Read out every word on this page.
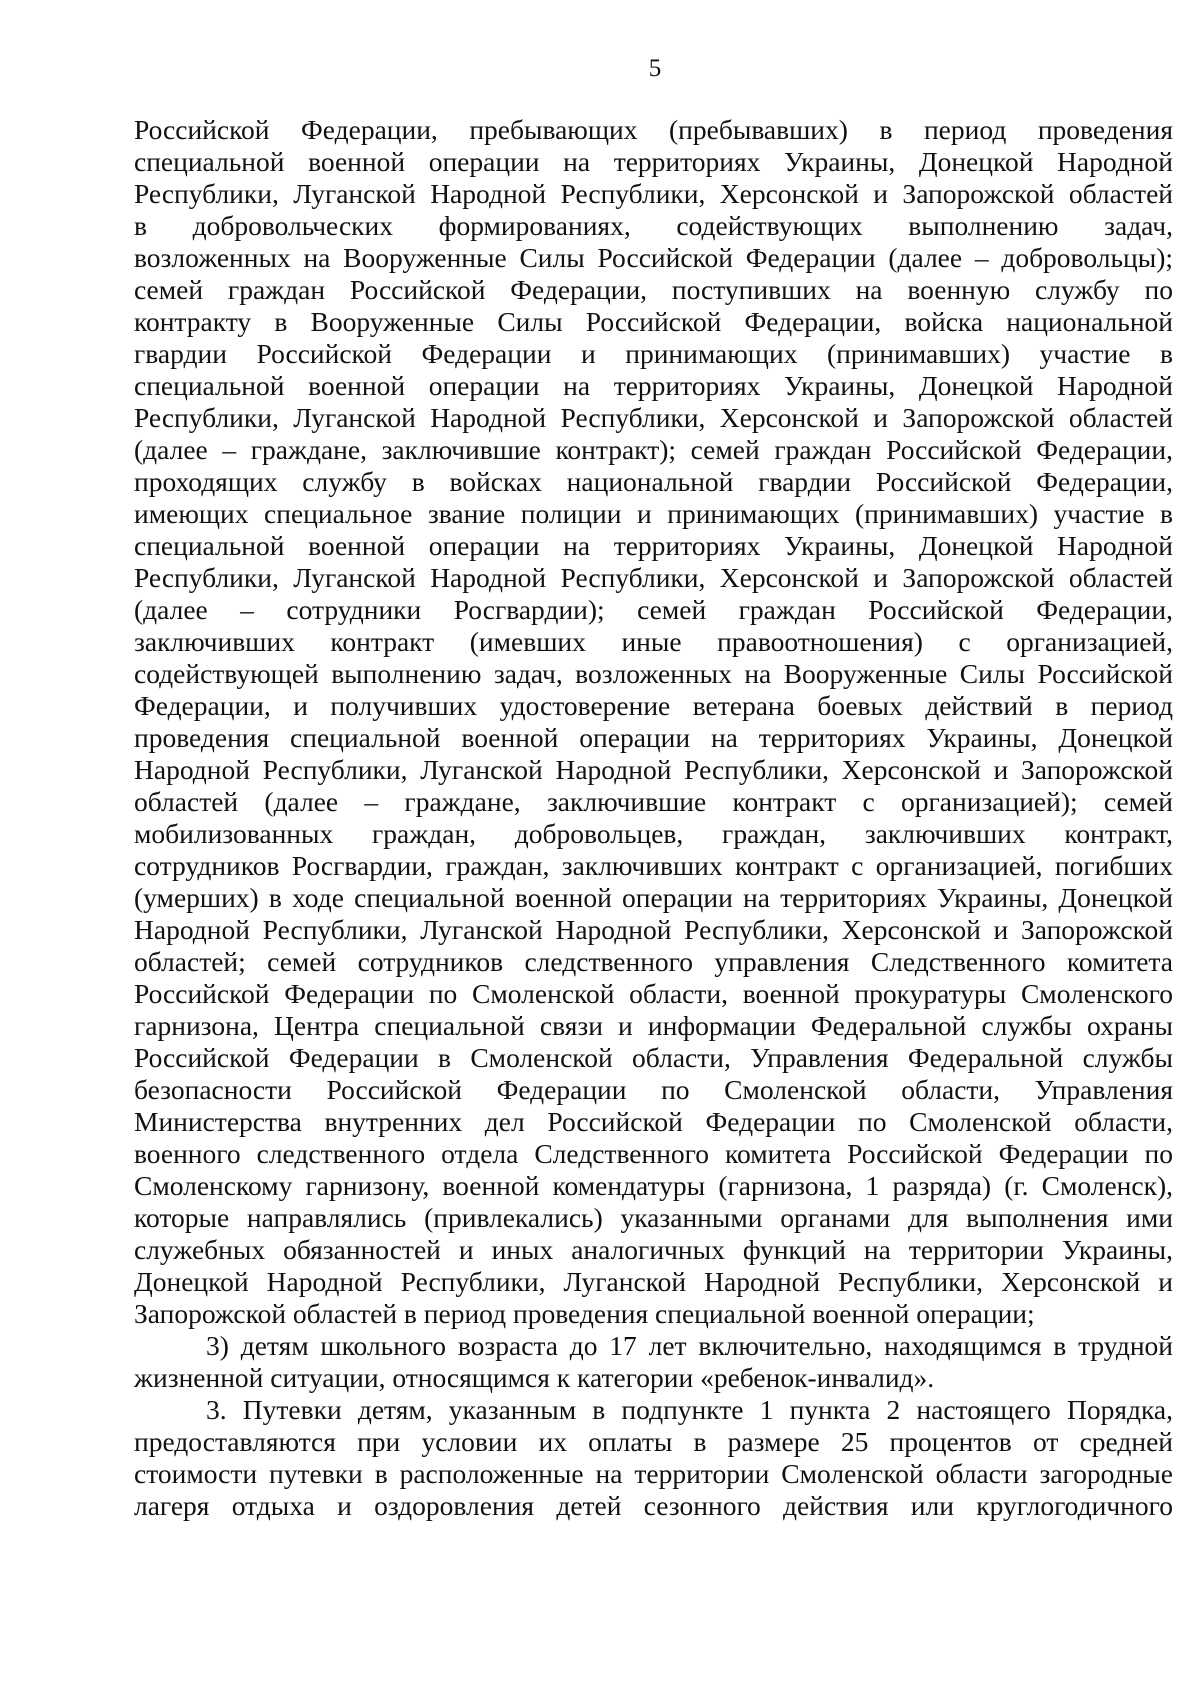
5
Российской Федерации, пребывающих (пребывавших) в период проведения
специальной военной операции на территориях Украины, Донецкой Народной
Республики, Луганской Народной Республики, Херсонской и Запорожской областей
в добровольческих формированиях, содействующих выполнению задач,
возложенных на Вооруженные Силы Российской Федерации (далее – добровольцы);
семей граждан Российской Федерации, поступивших на военную службу по
контракту в Вооруженные Силы Российской Федерации, войска национальной
гвардии Российской Федерации и принимающих (принимавших) участие в
специальной военной операции на территориях Украины, Донецкой Народной
Республики, Луганской Народной Республики, Херсонской и Запорожской областей
(далее – граждане, заключившие контракт); семей граждан Российской Федерации,
проходящих службу в войсках национальной гвардии Российской Федерации,
имеющих специальное звание полиции и принимающих (принимавших) участие в
специальной военной операции на территориях Украины, Донецкой Народной
Республики, Луганской Народной Республики, Херсонской и Запорожской областей
(далее – сотрудники Росгвардии); семей граждан Российской Федерации,
заключивших контракт (имевших иные правоотношения) с организацией,
содействующей выполнению задач, возложенных на Вооруженные Силы Российской
Федерации, и получивших удостоверение ветерана боевых действий в период
проведения специальной военной операции на территориях Украины, Донецкой
Народной Республики, Луганской Народной Республики, Херсонской и Запорожской
областей (далее – граждане, заключившие контракт с организацией); семей
мобилизованных граждан, добровольцев, граждан, заключивших контракт,
сотрудников Росгвардии, граждан, заключивших контракт с организацией, погибших
(умерших) в ходе специальной военной операции на территориях Украины, Донецкой
Народной Республики, Луганской Народной Республики, Херсонской и Запорожской
областей; семей сотрудников следственного управления Следственного комитета
Российской Федерации по Смоленской области, военной прокуратуры Смоленского
гарнизона, Центра специальной связи и информации Федеральной службы охраны
Российской Федерации в Смоленской области, Управления Федеральной службы
безопасности Российской Федерации по Смоленской области, Управления
Министерства внутренних дел Российской Федерации по Смоленской области,
военного следственного отдела Следственного комитета Российской Федерации по
Смоленскому гарнизону, военной комендатуры (гарнизона, 1 разряда) (г. Смоленск),
которые направлялись (привлекались) указанными органами для выполнения ими
служебных обязанностей и иных аналогичных функций на территории Украины,
Донецкой Народной Республики, Луганской Народной Республики, Херсонской и
Запорожской областей в период проведения специальной военной операции;
3) детям школьного возраста до 17 лет включительно, находящимся в трудной
жизненной ситуации, относящимся к категории «ребенок-инвалид».
3. Путевки детям, указанным в подпункте 1 пункта 2 настоящего Порядка,
предоставляются при условии их оплаты в размере 25 процентов от средней
стоимости путевки в расположенные на территории Смоленской области загородные
лагеря отдыха и оздоровления детей сезонного действия или круглогодичного
